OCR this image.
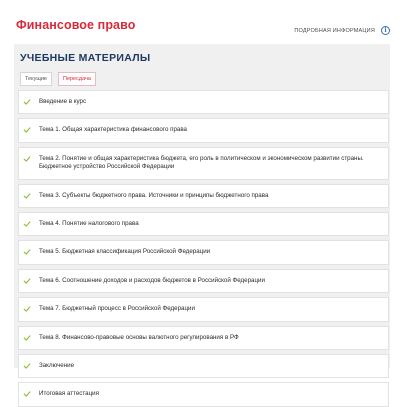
Финансовое право	ПОДРОБНАЯ ИНФОРМАЦИЯ	i
УЧЕБНЫЕ МАТЕРИАЛЫ
Текущие	Пересдача
Введение в курс
Тема 1. Общая характеристика финансового права
Тема 2. Понятие и общая характеристика бюджета, его роль в политическом и экономическом развитии страны. Бюджетное устройство Российской Федерации
Тема 3. Субъекты бюджетного права. Источники и принципы бюджетного права
Тема 4. Понятие налогового права
Тема 5. Бюджетная классификация Российской Федерации
Тема 6. Соотношение доходов и расходов бюджетов в Российской Федерации
Тема 7. Бюджетный процесс в Российской Федерации
Тема 8. Финансово-правовые основы валютного регулирования в РФ
Заключение
Итоговая аттестация
